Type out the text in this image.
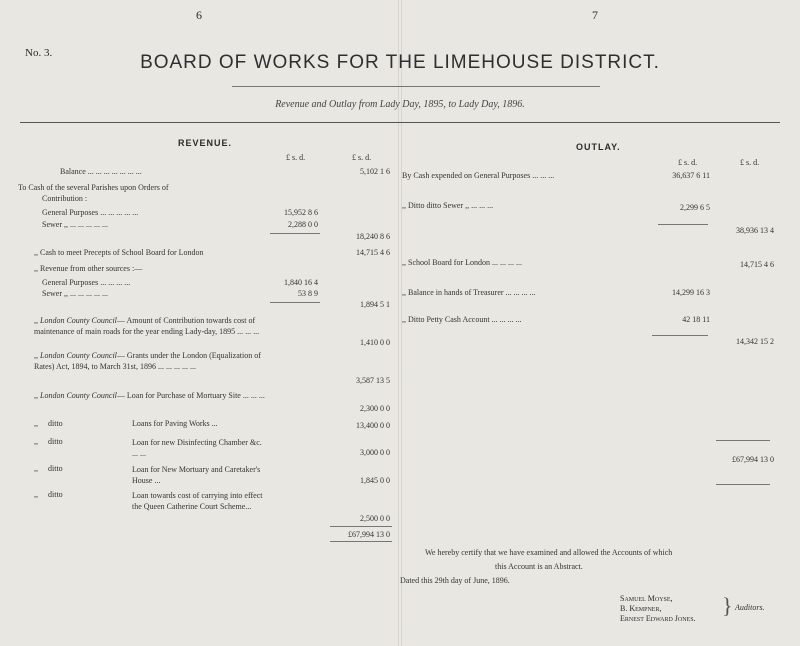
6	7
No. 3.	BOARD OF WORKS FOR THE LIMEHOUSE DISTRICT.
Revenue and Outlay from Lady Day, 1895, to Lady Day, 1896.
REVENUE.
£ s. d.	£ s. d.
Balance ... ... ... ... ... ... ...	5,102 1 6
To Cash of the several Parishes upon Orders of
Contribution :
General Purposes ... ... ... ... ...	15,952 8 6
Sewer ,, ... ... ... ... ...	2,288 0 0
18,240 8 6
,, Cash to meet Precepts of School Board for London	14,715 4 6
,, Revenue from other sources :—
General Purposes ... ... ... ...	1,840 16 4
Sewer ,, ... ... ... ... ...	53 8 9
1,894 5 1
,, London County Council— Amount of Contribution towards cost of maintenance of main roads for the year ending Lady-day, 1895 ... ... ...
1,410 0 0
,, London County Council— Grants under the London (Equalization of Rates) Act, 1894, to March 31st, 1896 ... ... ... ... ...
3,587 13 5
,, London County Council— Loan for Purchase of Mortuary Site ... ... ...
2,300 0 0
,,     ditto	Loans for Paving Works ...	13,400 0 0
,,     ditto	Loan for new Disinfecting Chamber &c. ... ...	3,000 0 0
,,     ditto	Loan for New Mortuary and Caretaker's House ...	1,845 0 0
,,     ditto	Loan towards cost of carrying into effect the Queen Catherine Court Scheme...
2,500 0 0
£67,994 13 0
OUTLAY.
£ s. d.	£ s. d.
By Cash expended on General Purposes ... ... ...	36,637 6 11
,, Ditto ditto Sewer ,, ... ... ...	2,299 6 5
38,936 13 4
,, School Board for London ... ... ... ...	14,715 4 6
,, Balance in hands of Treasurer ... ... ... ...	14,299 16 3
,, Ditto Petty Cash Account ... ... ... ...	42 18 11
14,342 15 2
£67,994 13 0
We hereby certify that we have examined and allowed the Accounts of which
this Account is an Abstract.
Dated this 29th day of June, 1896.
Samuel Moyse,
B. Kempner,
Ernest Edward Jones.
} Auditors.
